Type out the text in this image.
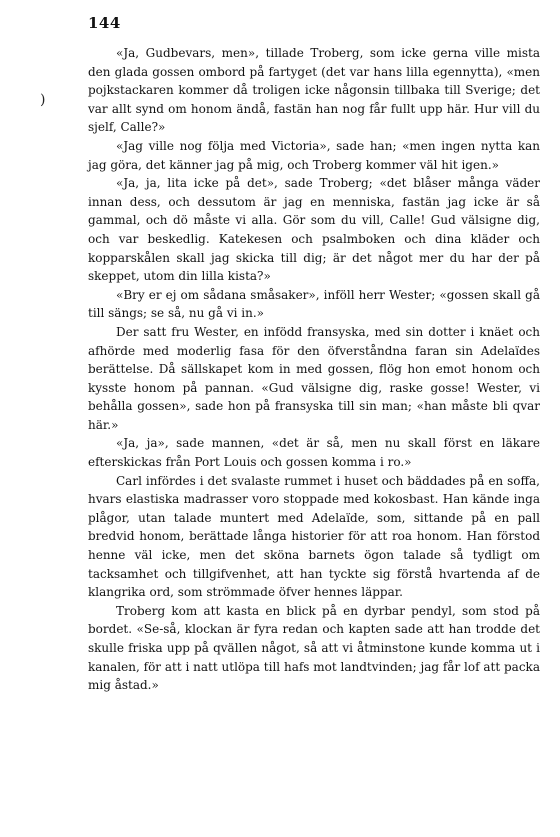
144
)

«Ja, Gudbevars, men», tillade Troberg, som icke gerna ville mista den glada gossen ombord på fartyget (det var hans lilla egennytta), «men pojkstackaren kommer då troligen icke någonsin tillbaka till Sverige; det var allt synd om honom ändå, fastän han nog får fullt upp här. Hur vill du sjelf, Calle?»

«Jag ville nog följa med Victoria», sade han; «men ingen nytta kan jag göra, det känner jag på mig, och Troberg kommer väl hit igen.»

«Ja, ja, lita icke på det», sade Troberg; «det blåser många väder innan dess, och dessutom är jag en menniska, fastän jag icke är så gammal, och dö måste vi alla. Gör som du vill, Calle! Gud välsigne dig, och var beskedlig. Katekesen och psalmboken och dina kläder och kopparskålen skall jag skicka till dig; är det något mer du har der på skeppet, utom din lilla kista?»

«Bry er ej om sådana småsaker», inföll herr Wester; «gossen skall gå till sängs; se så, nu gå vi in.»

Der satt fru Wester, en infödd fransyska, med sin dotter i knäet och afhörde med moderlig fasa för den öfverståndna faran sin Adelaïdes berättelse. Då sällskapet kom in med gossen, flög hon emot honom och kysste honom på pannan. «Gud välsigne dig, raske gosse! Wester, vi behålla gossen», sade hon på fransyska till sin man; «han måste bli qvar här.»

«Ja, ja», sade mannen, «det är så, men nu skall först en läkare efterskickas från Port Louis och gossen komma i ro.»

Carl infördes i det svalaste rummet i huset och bäddades på en soffa, hvars elastiska madrasser voro stoppade med kokosbast. Han kände inga plågor, utan talade muntert med Adelaïde, som, sittande på en pall bredvid honom, berättade långa historier för att roa honom. Han förstod henne väl icke, men det sköna barnets ögon talade så tydligt om tacksamhet och tillgifvenhet, att han tyckte sig förstå hvartenda af de klangrika ord, som strömmade öfver hennes läppar.

Troberg kom att kasta en blick på en dyrbar pendyl, som stod på bordet. «Se-så, klockan är fyra redan och kapten sade att han trodde det skulle friska upp på qvällen något, så att vi åtminstone kunde komma ut i kanalen, för att i natt utlöpa till hafs mot landtvinden; jag får lof att packa mig åstad.»
